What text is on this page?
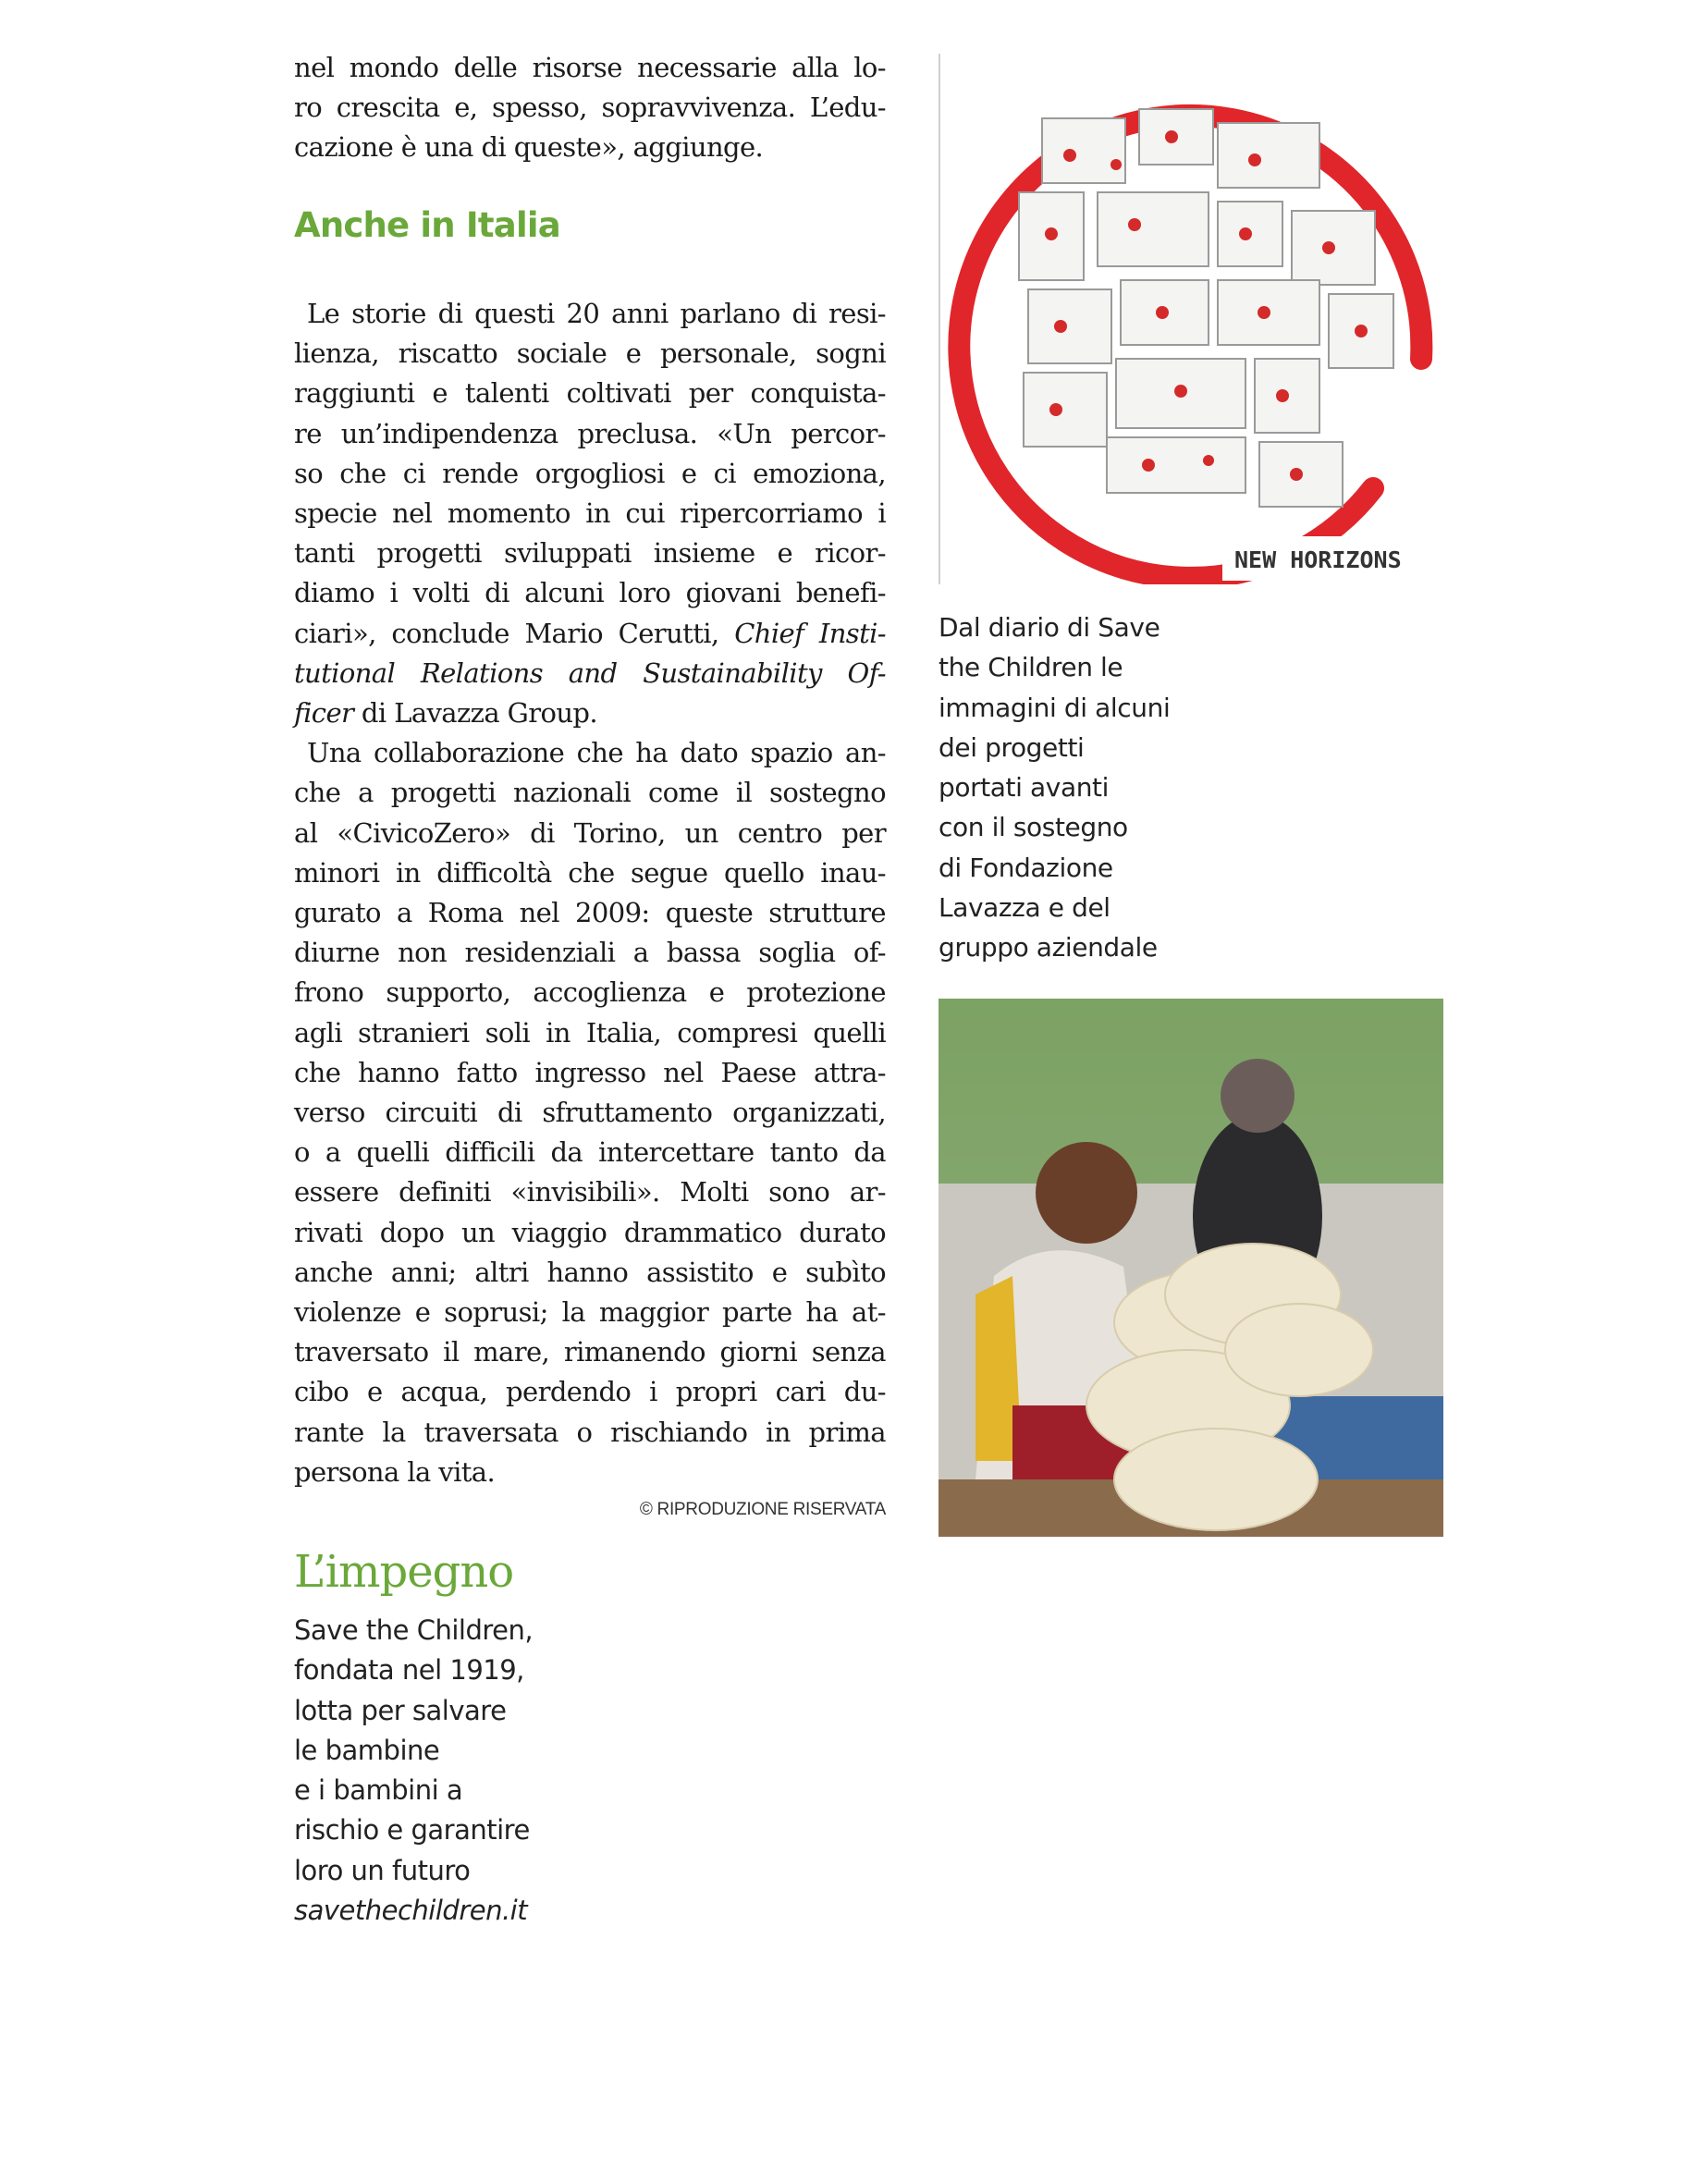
nel mondo delle risorse necessarie alla lo-
ro crescita e, spesso, sopravvivenza. L’edu-
cazione è una di queste», aggiunge.

Anche in Italia

Le storie di questi 20 anni parlano di resi-
lienza, riscatto sociale e personale, sogni
raggiunti e talenti coltivati per conquista-
re un’indipendenza preclusa. «Un percor-
so che ci rende orgogliosi e ci emoziona,
specie nel momento in cui ripercorriamo i
tanti progetti sviluppati insieme e ricor-
diamo i volti di alcuni loro giovani benefi-
ciari», conclude Mario Cerutti, Chief Insti-
tutional Relations and Sustainability Of-
ficer di Lavazza Group.

Una collaborazione che ha dato spazio an-
che a progetti nazionali come il sostegno
al «CivicoZero» di Torino, un centro per
minori in difficoltà che segue quello inau-
gurato a Roma nel 2009: queste strutture
diurne non residenziali a bassa soglia of-
frono supporto, accoglienza e protezione
agli stranieri soli in Italia, compresi quelli
che hanno fatto ingresso nel Paese attra-
verso circuiti di sfruttamento organizzati,
o a quelli difficili da intercettare tanto da
essere definiti «invisibili». Molti sono ar-
rivati dopo un viaggio drammatico durato
anche anni; altri hanno assistito e subìto
violenze e soprusi; la maggior parte ha at-
traversato il mare, rimanendo giorni senza
cibo e acqua, perdendo i propri cari du-
rante la traversata o rischiando in prima
persona la vita.

© RIPRODUZIONE RISERVATA
L’impegno
Save the Children,
fondata nel 1919,
lotta per salvare
le bambine
e i bambini a
rischio e garantire
loro un futuro
savethechildren.it
NEW HORIZONS
Dal diario di Save
the Children le
immagini di alcuni
dei progetti
portati avanti
con il sostegno
di Fondazione
Lavazza e del
gruppo aziendale
